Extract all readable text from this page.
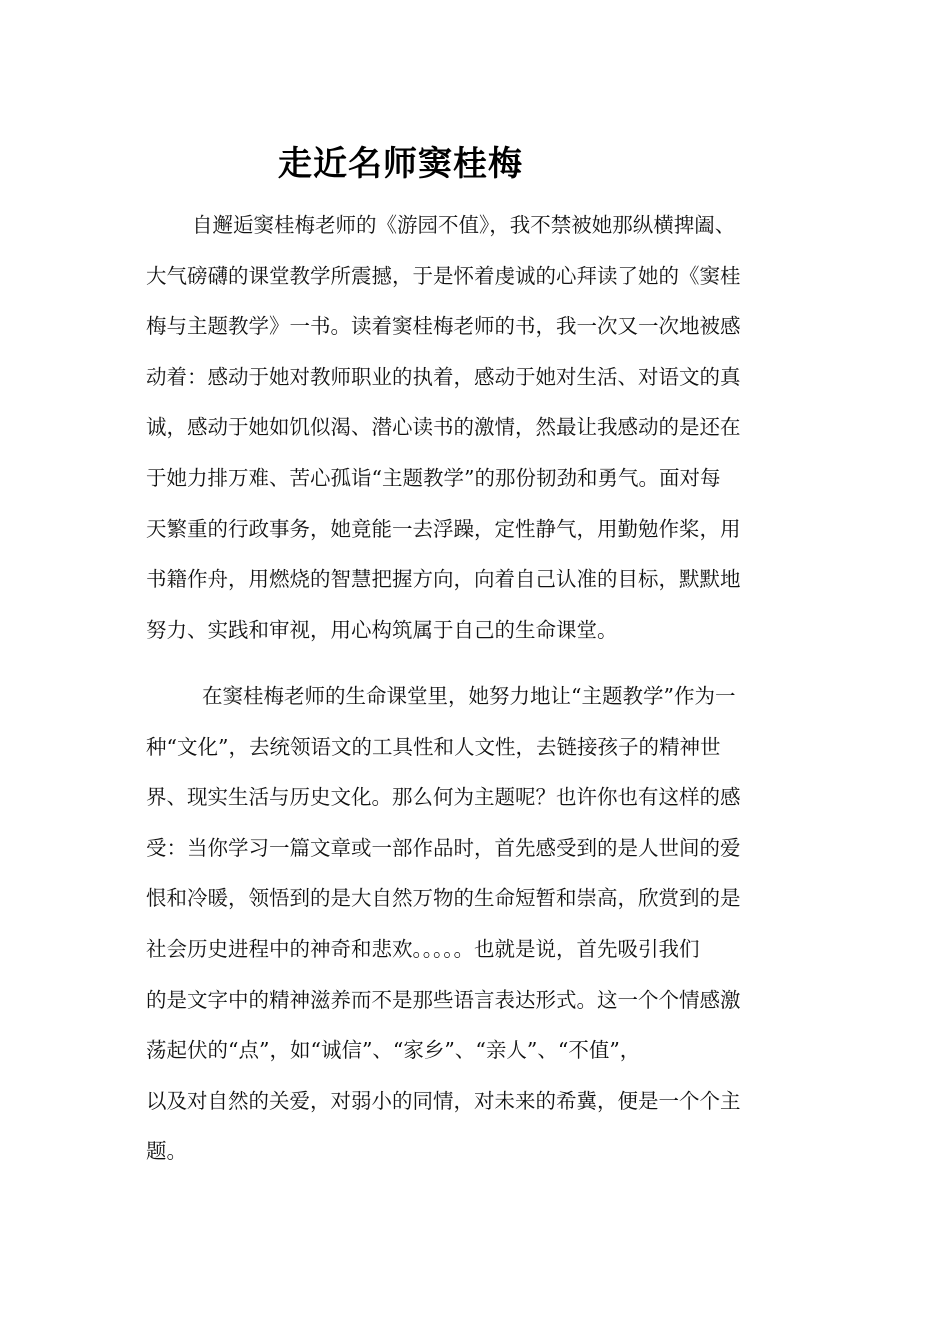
走近名师窦桂梅
自邂逅窦桂梅老师的《游园不值》，我不禁被她那纵横捭阖、
大气磅礴的课堂教学所震撼，于是怀着虔诚的心拜读了她的《窦桂
梅与主题教学》一书。读着窦桂梅老师的书，我一次又一次地被感
动着：感动于她对教师职业的执着，感动于她对生活、对语文的真
诚，感动于她如饥似渴、潜心读书的激情，然最让我感动的是还在
于她力排万难、苦心孤诣“主题教学”的那份韧劲和勇气。面对每
天繁重的行政事务，她竟能一去浮躁，定性静气，用勤勉作桨，用
书籍作舟，用燃烧的智慧把握方向，向着自己认准的目标，默默地
努力、实践和审视，用心构筑属于自己的生命课堂。
在窦桂梅老师的生命课堂里，她努力地让“主题教学”作为一
种“文化”，去统领语文的工具性和人文性，去链接孩子的精神世
界、现实生活与历史文化。那么何为主题呢？也许你也有这样的感
受：当你学习一篇文章或一部作品时，首先感受到的是人世间的爱
恨和冷暖，领悟到的是大自然万物的生命短暂和崇高，欣赏到的是
社会历史进程中的神奇和悲欢。。。。。也就是说，首先吸引我们
的是文字中的精神滋养而不是那些语言表达形式。这一个个情感激
荡起伏的“点”，如“诚信”、“家乡”、“亲人”、“不值”，
以及对自然的关爱，对弱小的同情，对未来的希冀，便是一个个主
题。
